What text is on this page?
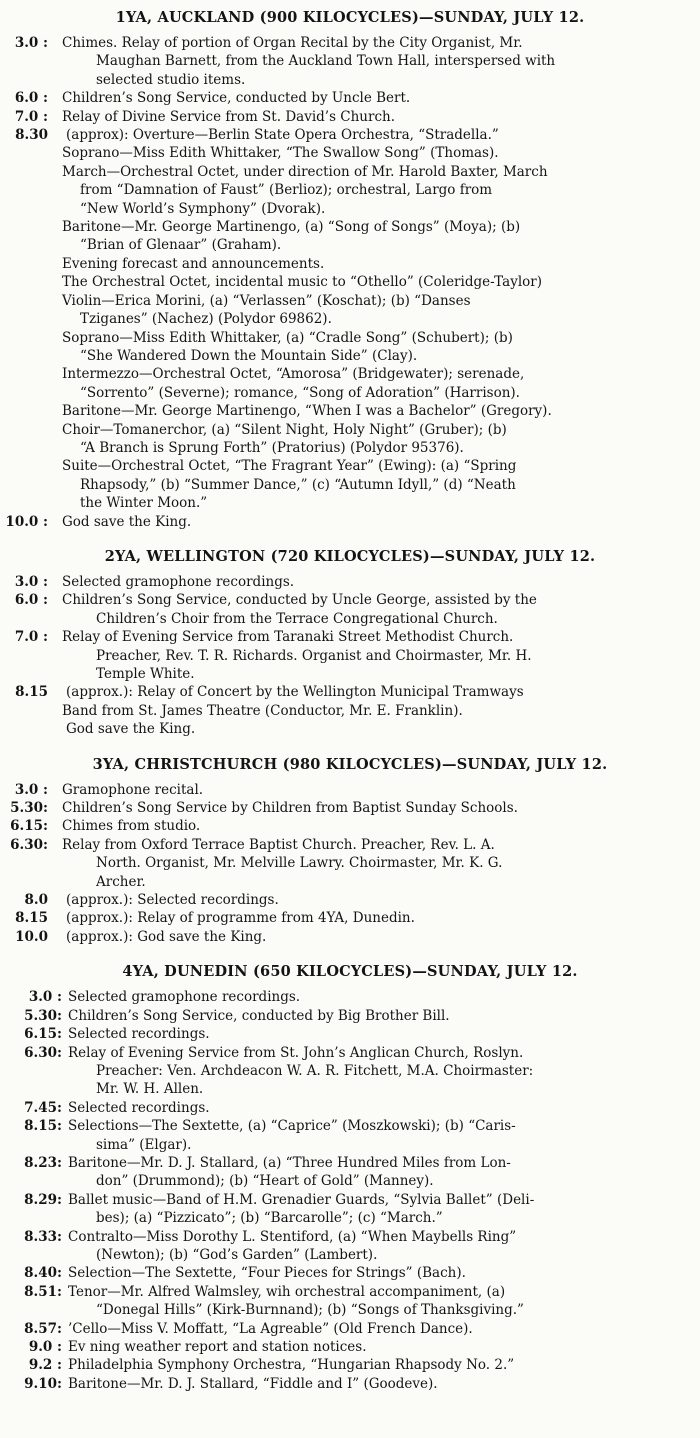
1YA, AUCKLAND (900 KILOCYCLES)—SUNDAY, JULY 12.
3.0 : Chimes. Relay of portion of Organ Recital by the City Organist, Mr.
Maughan Barnett, from the Auckland Town Hall, interspersed with
selected studio items.
6.0 : Children’s Song Service, conducted by Uncle Bert.
7.0 : Relay of Divine Service from St. David’s Church.
8.30 (approx): Overture—Berlin State Opera Orchestra, “Stradella.”
Soprano—Miss Edith Whittaker, “The Swallow Song” (Thomas).
March—Orchestral Octet, under direction of Mr. Harold Baxter, March
from “Damnation of Faust” (Berlioz); orchestral, Largo from
“New World’s Symphony” (Dvorak).
Baritone—Mr. George Martinengo, (a) “Song of Songs” (Moya); (b)
“Brian of Glenaar” (Graham).
Evening forecast and announcements.
The Orchestral Octet, incidental music to “Othello” (Coleridge-Taylor)
Violin—Erica Morini, (a) “Verlassen” (Koschat); (b) “Danses
Tziganes” (Nachez) (Polydor 69862).
Soprano—Miss Edith Whittaker, (a) “Cradle Song” (Schubert); (b)
“She Wandered Down the Mountain Side” (Clay).
Intermezzo—Orchestral Octet, “Amorosa” (Bridgewater); serenade,
“Sorrento” (Severne); romance, “Song of Adoration” (Harrison).
Baritone—Mr. George Martinengo, “When I was a Bachelor” (Gregory).
Choir—Tomanerchor, (a) “Silent Night, Holy Night” (Gruber); (b)
“A Branch is Sprung Forth” (Pratorius) (Polydor 95376).
Suite—Orchestral Octet, “The Fragrant Year” (Ewing): (a) “Spring
Rhapsody,” (b) “Summer Dance,” (c) “Autumn Idyll,” (d) “Neath
the Winter Moon.”
10.0 : God save the King.
2YA, WELLINGTON (720 KILOCYCLES)—SUNDAY, JULY 12.
3.0 : Selected gramophone recordings.
6.0 : Children’s Song Service, conducted by Uncle George, assisted by the
Children’s Choir from the Terrace Congregational Church.
7.0 : Relay of Evening Service from Taranaki Street Methodist Church.
Preacher, Rev. T. R. Richards. Organist and Choirmaster, Mr. H.
Temple White.
8.15 (approx.): Relay of Concert by the Wellington Municipal Tramways
Band from St. James Theatre (Conductor, Mr. E. Franklin).
God save the King.
3YA, CHRISTCHURCH (980 KILOCYCLES)—SUNDAY, JULY 12.
3.0 : Gramophone recital.
5.30: Children’s Song Service by Children from Baptist Sunday Schools.
6.15: Chimes from studio.
6.30: Relay from Oxford Terrace Baptist Church. Preacher, Rev. L. A.
North. Organist, Mr. Melville Lawry. Choirmaster, Mr. K. G.
Archer.
8.0 (approx.): Selected recordings.
8.15 (approx.): Relay of programme from 4YA, Dunedin.
10.0 (approx.): God save the King.
4YA, DUNEDIN (650 KILOCYCLES)—SUNDAY, JULY 12.
3.0 : Selected gramophone recordings.
5.30: Children’s Song Service, conducted by Big Brother Bill.
6.15: Selected recordings.
6.30: Relay of Evening Service from St. John’s Anglican Church, Roslyn.
Preacher: Ven. Archdeacon W. A. R. Fitchett, M.A. Choirmaster:
Mr. W. H. Allen.
7.45: Selected recordings.
8.15: Selections—The Sextette, (a) “Caprice” (Moszkowski); (b) “Caris-
sima” (Elgar).
8.23: Baritone—Mr. D. J. Stallard, (a) “Three Hundred Miles from Lon-
don” (Drummond); (b) “Heart of Gold” (Manney).
8.29: Ballet music—Band of H.M. Grenadier Guards, “Sylvia Ballet” (Deli-
bes); (a) “Pizzicato”; (b) “Barcarolle”; (c) “March.”
8.33: Contralto—Miss Dorothy L. Stentiford, (a) “When Maybells Ring”
(Newton); (b) “God’s Garden” (Lambert).
8.40: Selection—The Sextette, “Four Pieces for Strings” (Bach).
8.51: Tenor—Mr. Alfred Walmsley, wih orchestral accompaniment, (a)
“Donegal Hills” (Kirk-Burnnand); (b) “Songs of Thanksgiving.”
8.57: ’Cello—Miss V. Moffatt, “La Agreable” (Old French Dance).
9.0 : Ev ning weather report and station notices.
9.2 : Philadelphia Symphony Orchestra, “Hungarian Rhapsody No. 2.”
9.10: Baritone—Mr. D. J. Stallard, “Fiddle and I” (Goodeve).
